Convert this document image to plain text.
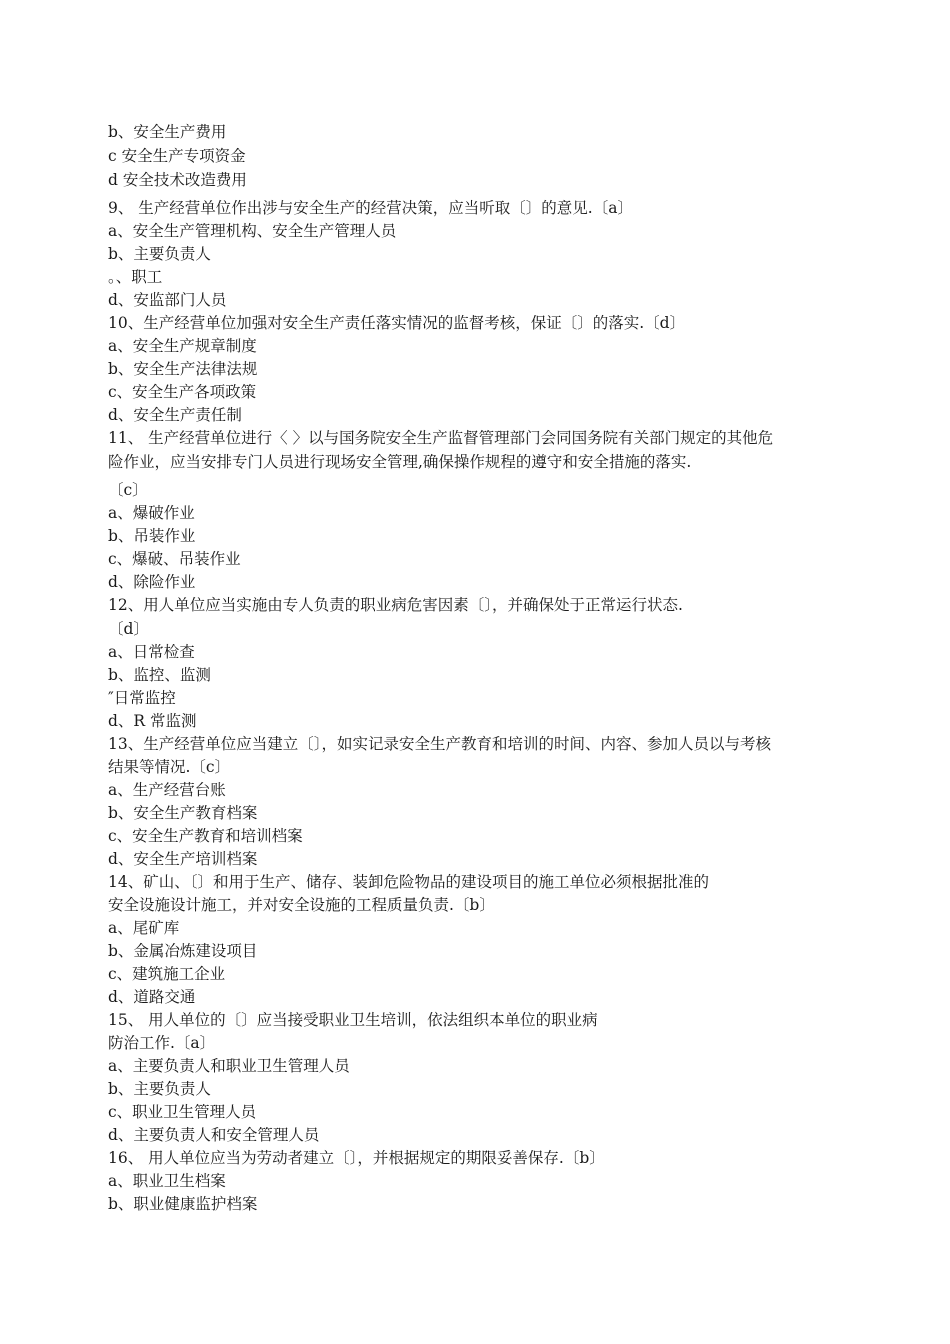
b、安全生产费用
c 安全生产专项资金
d 安全技术改造费用
9、 生产经营单位作出涉与安全生产的经营决策，应当听取〔〕的意见.〔a〕
a、安全生产管理机构、安全生产管理人员
b、主要负责人
。、职工
d、安监部门人员
10、生产经营单位加强对安全生产责任落实情况的监督考核，保证〔〕的落实.〔d〕
a、安全生产规章制度
b、安全生产法律法规
c、安全生产各项政策
d、安全生产责任制
11、 生产经营单位进行〈 〉以与国务院安全生产监督管理部门会同国务院有关部门规定的其他危
险作业，应当安排专门人员进行现场安全管理,确保操作规程的遵守和安全措施的落实.
〔c〕
a、爆破作业
b、吊装作业
c、爆破、吊装作业
d、除险作业
12、用人单位应当实施由专人负责的职业病危害因素〔〕，并确保处于正常运行状态.
〔d〕
a、日常检查
b、监控、监测
″日常监控
d、R 常监测
13、生产经营单位应当建立〔〕，如实记录安全生产教育和培训的时间、内容、参加人员以与考核
结果等情况.〔c〕
a、生产经营台账
b、安全生产教育档案
c、安全生产教育和培训档案
d、安全生产培训档案
14、矿山、〔〕和用于生产、储存、装卸危险物品的建设项目的施工单位必须根据批准的
安全设施设计施工，并对安全设施的工程质量负责.〔b〕
a、尾矿库
b、金属冶炼建设项目
c、建筑施工企业
d、道路交通
15、 用人单位的〔〕应当接受职业卫生培训，依法组织本单位的职业病
防治工作.〔a〕
a、主要负责人和职业卫生管理人员
b、主要负责人
c、职业卫生管理人员
d、主要负责人和安全管理人员
16、 用人单位应当为劳动者建立〔〕，并根据规定的期限妥善保存.〔b〕
a、职业卫生档案
b、职业健康监护档案
